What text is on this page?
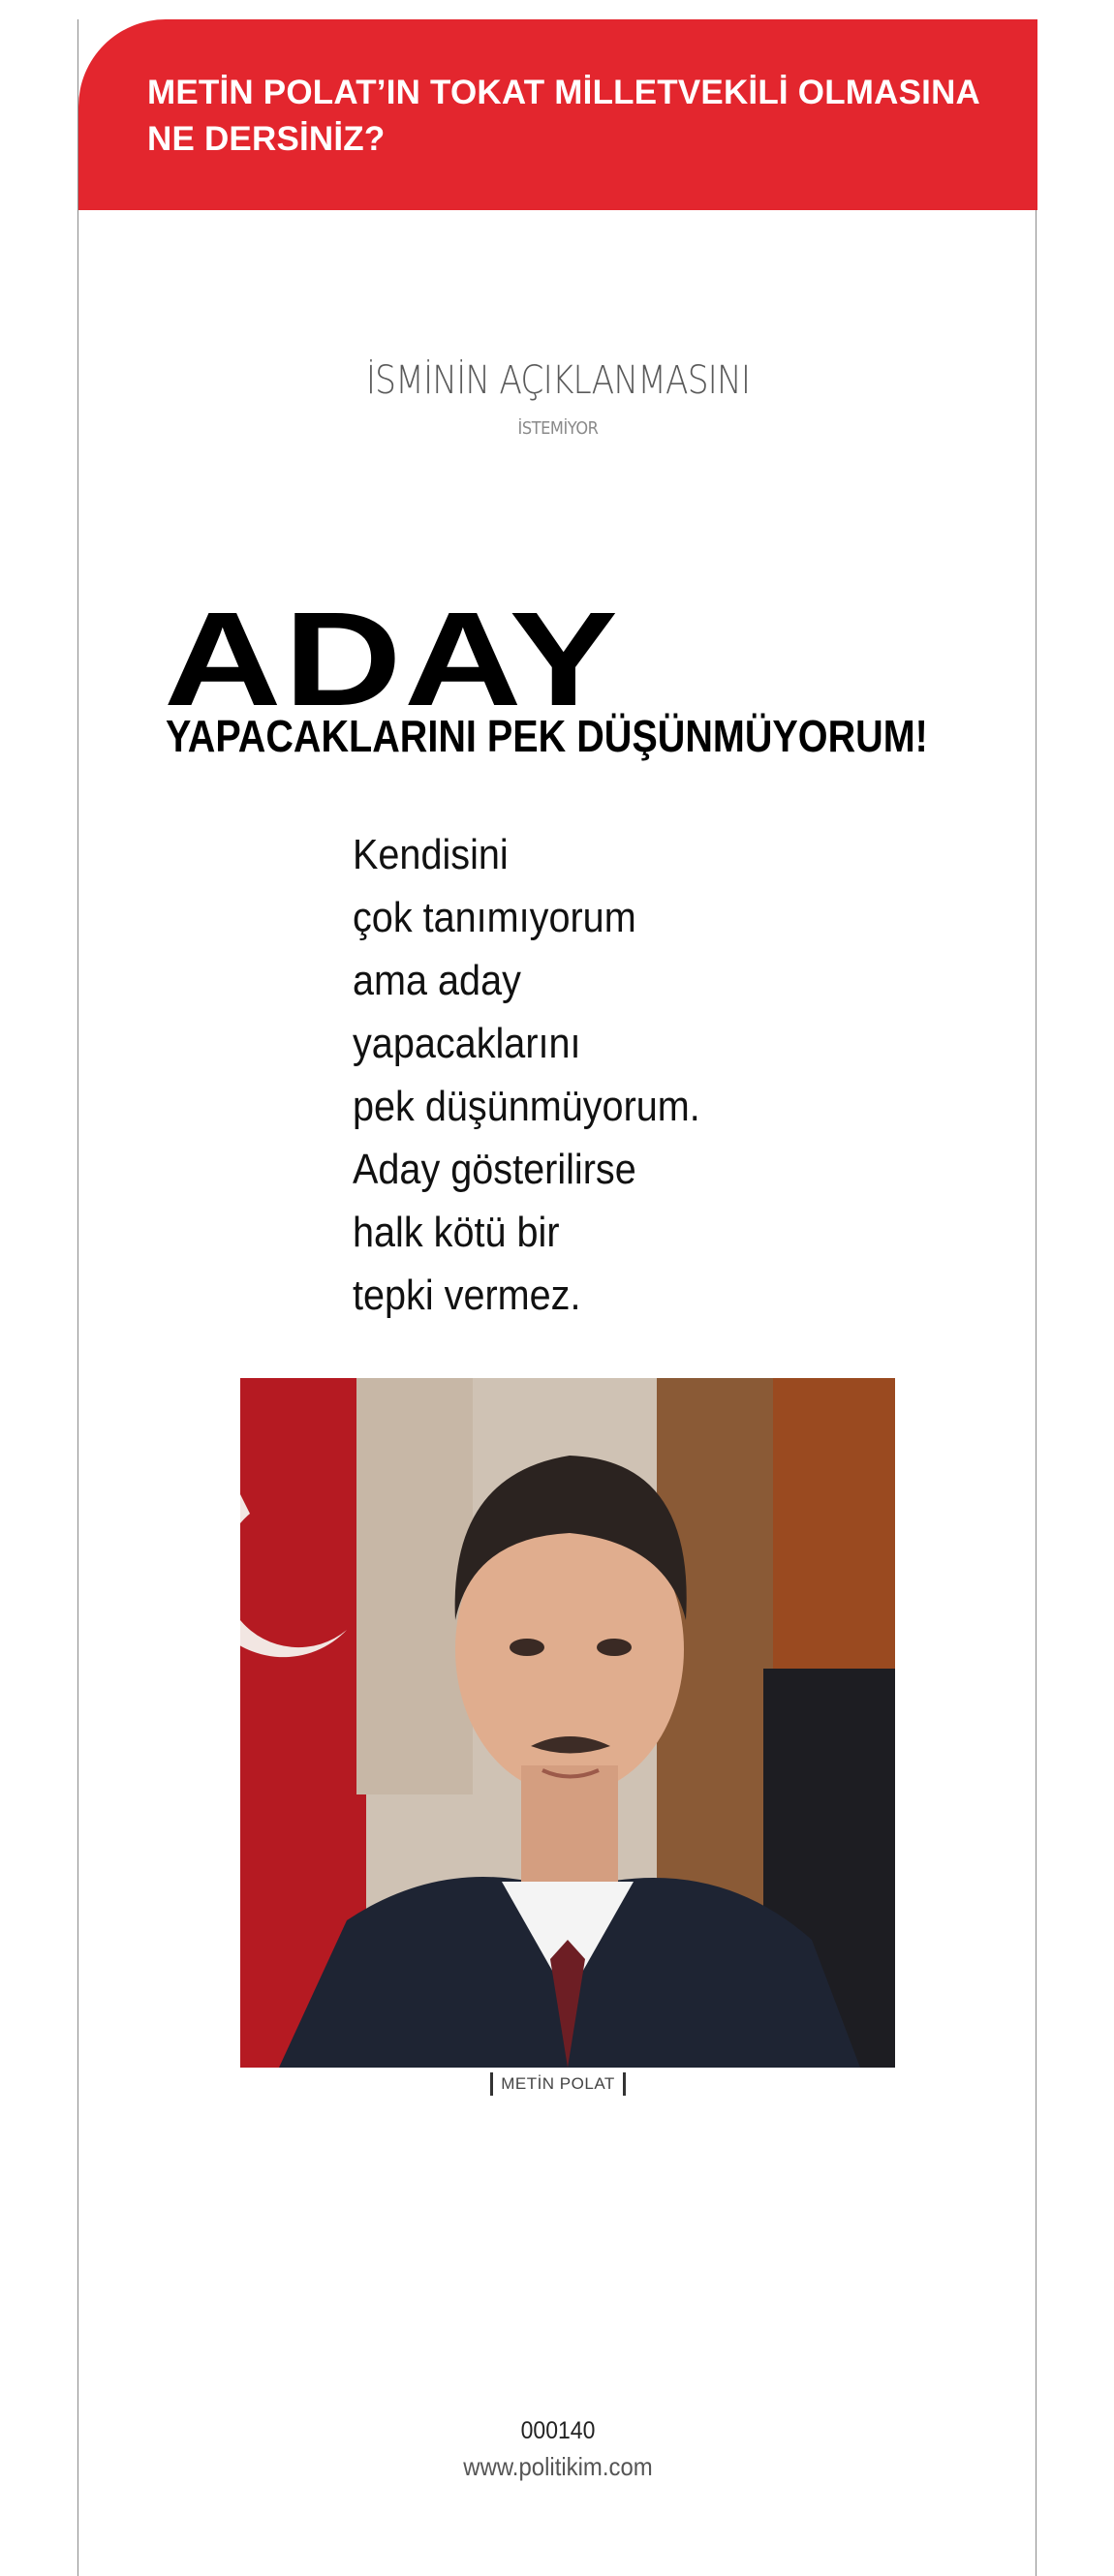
METİN POLAT’IN TOKAT MİLLETVEKİLİ OLMASINA
NE DERSİNİZ?
İSMİNİN AÇIKLANMASINI
İSTEMİYOR
ADAY
YAPACAKLARINI PEK DÜŞÜNMÜYORUM!
Kendisini
çok tanımıyorum
ama aday
yapacaklarını
pek düşünmüyorum.
Aday gösterilirse
halk kötü bir
tepki vermez.
METİN POLAT
000140
www.politikim.com
